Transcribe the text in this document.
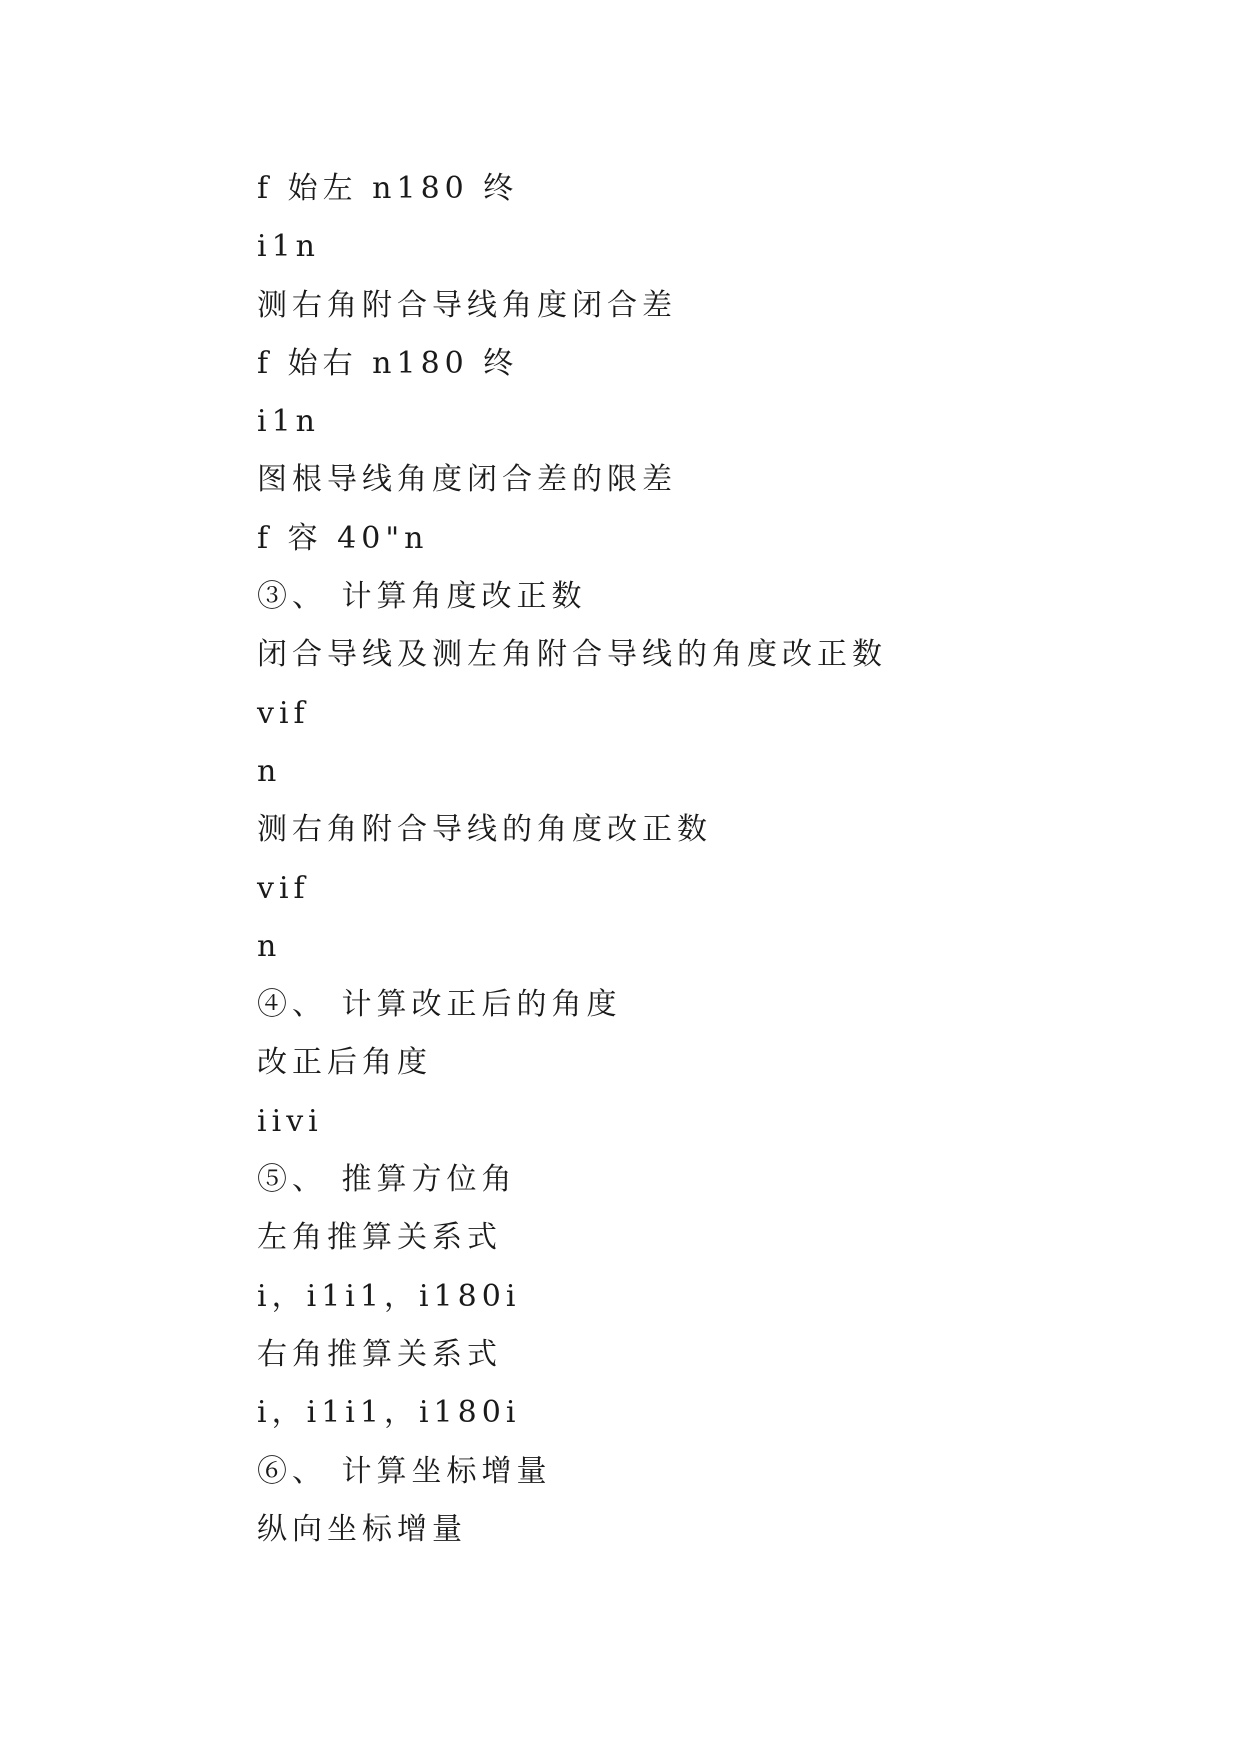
f 始左 n180 终
i1n
测右角附合导线角度闭合差
f 始右 n180 终
i1n
图根导线角度闭合差的限差
f 容 40"n
③、 计算角度改正数
闭合导线及测左角附合导线的角度改正数
vif
n
测右角附合导线的角度改正数
vif
n
④、 计算改正后的角度
改正后角度
iivi
⑤、 推算方位角
左角推算关系式
i，i1i1，i180i
右角推算关系式
i，i1i1，i180i
⑥、 计算坐标增量
纵向坐标增量
